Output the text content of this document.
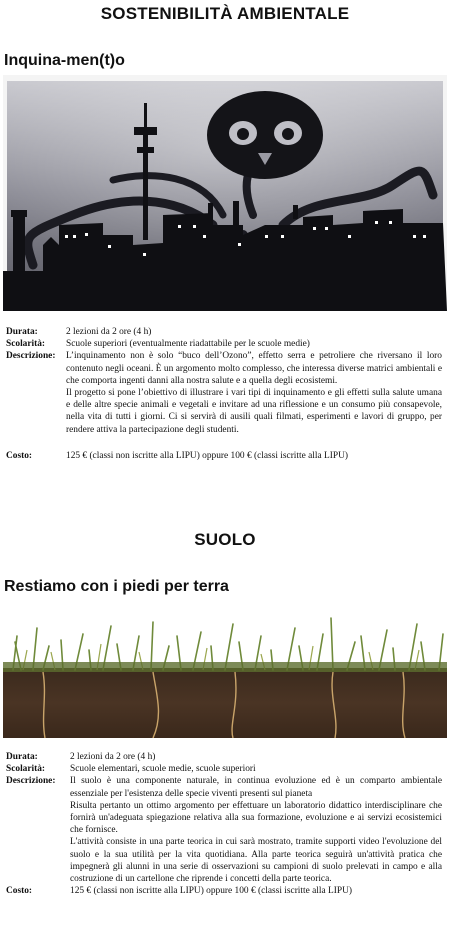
SOSTENIBILITÀ AMBIENTALE
Inquina-men(t)o
Durata:	2 lezioni da 2 ore (4 h)
Scolarità:	Scuole superiori (eventualmente riadattabile per le scuole medie)
Descrizione:	L’inquinamento non è solo “buco dell’Ozono”, effetto serra e petroliere che riversano il loro contenuto negli oceani. È un argomento molto complesso, che interessa diverse matrici ambientali e che comporta ingenti danni alla nostra salute e a quella degli ecosistemi.

Il progetto si pone l’obiettivo di illustrare i vari tipi di inquinamento e gli effetti sulla salute umana e delle altre specie animali e vegetali e invitare ad una riflessione e un consumo più consapevole, nella vita di tutti i giorni. Ci si servirà di ausili quali filmati, esperimenti e lavori di gruppo, per rendere attiva la partecipazione degli studenti.

Costo:	125 € (classi non iscritte alla LIPU) oppure 100 € (classi iscritte alla LIPU)
SUOLO
Restiamo con i piedi per terra
Durata:	2 lezioni da 2 ore (4 h)
Scolarità:	Scuole elementari, scuole medie, scuole superiori
Descrizione:	Il suolo è una componente naturale, in continua evoluzione ed è un comparto ambientale essenziale per l'esistenza delle specie viventi presenti sul pianeta

Risulta pertanto un ottimo argomento per effettuare un laboratorio didattico interdisciplinare che fornirà un'adeguata spiegazione relativa alla sua formazione, evoluzione e ai servizi ecosistemici che fornisce.

L'attività consiste in una parte teorica in cui sarà mostrato, tramite supporti video l'evoluzione del suolo e la sua utilità per la vita quotidiana. Alla parte teorica seguirà un'attività pratica che impegnerà gli alunni in una serie di osservazioni su campioni di suolo prelevati in campo e alla costruzione di un cartellone che riprende i concetti della parte teorica.

Costo:	125 € (classi non iscritte alla LIPU) oppure 100 € (classi iscritte alla LIPU)
